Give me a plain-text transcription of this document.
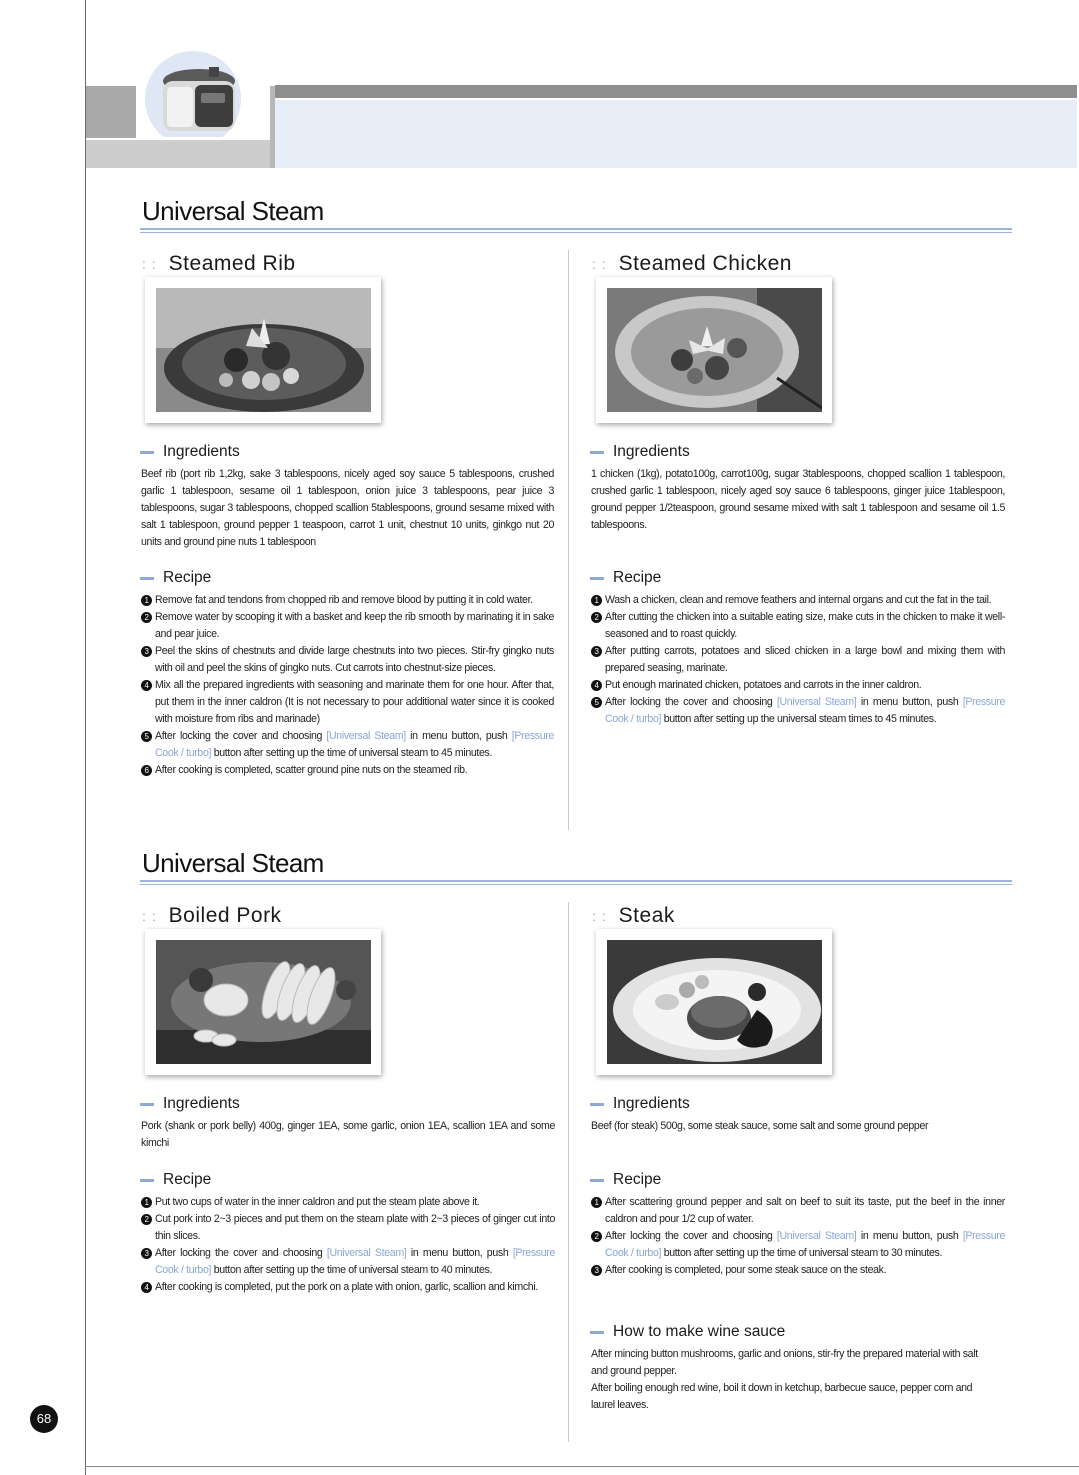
68
Universal Steam
: : Steamed Rib
Ingredients
Beef rib (port rib 1,2kg, sake 3 tablespoons, nicely aged soy sauce 5 tablespoons, crushed garlic 1 tablespoon, sesame oil 1 tablespoon, onion juice 3 tablespoons, pear juice 3 tablespoons, sugar 3 tablespoons, chopped scallion 5tablespoons, ground sesame mixed with salt 1 tablespoon, ground pepper 1 teaspoon, carrot 1 unit, chestnut 10 units, ginkgo nut 20 units and ground pine nuts 1 tablespoon
Recipe
1 Remove fat and tendons from chopped rib and remove blood by putting it in cold water.
2 Remove water by scooping it with a basket and keep the rib smooth by marinating it in sake and pear juice.
3 Peel the skins of chestnuts and divide large chestnuts into two pieces. Stir-fry gingko nuts with oil and peel the skins of gingko nuts. Cut carrots into chestnut-size pieces.
4 Mix all the prepared ingredients with seasoning and marinate them for one hour. After that, put them in the inner caldron (It is not necessary to pour additional water since it is cooked with moisture from ribs and marinade)
5 After locking the cover and choosing [Universal Steam] in menu button, push [Pressure Cook / turbo] button after setting up the time of universal steam to 45 minutes.
6 After cooking is completed, scatter ground pine nuts on the steamed rib.
: : Steamed Chicken
Ingredients
1 chicken (1kg), potato100g, carrot100g, sugar 3tablespoons, chopped scallion 1 tablespoon, crushed garlic 1 tablespoon, nicely aged soy sauce 6 tablespoons, ginger juice 1tablespoon, ground pepper 1/2teaspoon, ground sesame mixed with salt 1 tablespoon and sesame oil 1.5 tablespoons.
Recipe
1 Wash a chicken, clean and remove feathers and internal organs and cut the fat in the tail.
2 After cutting the chicken into a suitable eating size, make cuts in the chicken to make it well-seasoned and to roast quickly.
3 After putting carrots, potatoes and sliced chicken in a large bowl and mixing them with prepared seasing, marinate.
4 Put enough marinated chicken, potatoes and carrots in the inner caldron.
5 After locking the cover and choosing [Universal Steam] in menu button, push [Pressure Cook / turbo] button after setting up the universal steam times to 45 minutes.
Universal Steam
: : Boiled Pork
Ingredients
Pork (shank or pork belly) 400g, ginger 1EA, some garlic, onion 1EA, scallion 1EA and some kimchi
Recipe
1 Put two cups of water in the inner caldron and put the steam plate above it.
2 Cut pork into 2~3 pieces and put them on the steam plate with 2~3 pieces of ginger cut into thin slices.
3 After locking the cover and choosing [Universal Steam] in menu button, push [Pressure Cook / turbo] button after setting up the time of universal steam to 40 minutes.
4 After cooking is completed, put the pork on a plate with onion, garlic, scallion and kimchi.
: : Steak
Ingredients
Beef (for steak) 500g, some steak sauce, some salt and some ground pepper
Recipe
1 After scattering ground pepper and salt on beef to suit its taste, put the beef in the inner caldron and pour 1/2 cup of water.
2 After locking the cover and choosing [Universal Steam] in menu button, push [Pressure Cook / turbo] button after setting up the time of universal steam to 30 minutes.
3 After cooking is completed, pour some steak sauce on the steak.
How to make wine sauce
After mincing button mushrooms, garlic and onions, stir-fry the prepared material with salt and ground pepper.
After boiling enough red wine, boil it down in ketchup, barbecue sauce, pepper corn and laurel leaves.
